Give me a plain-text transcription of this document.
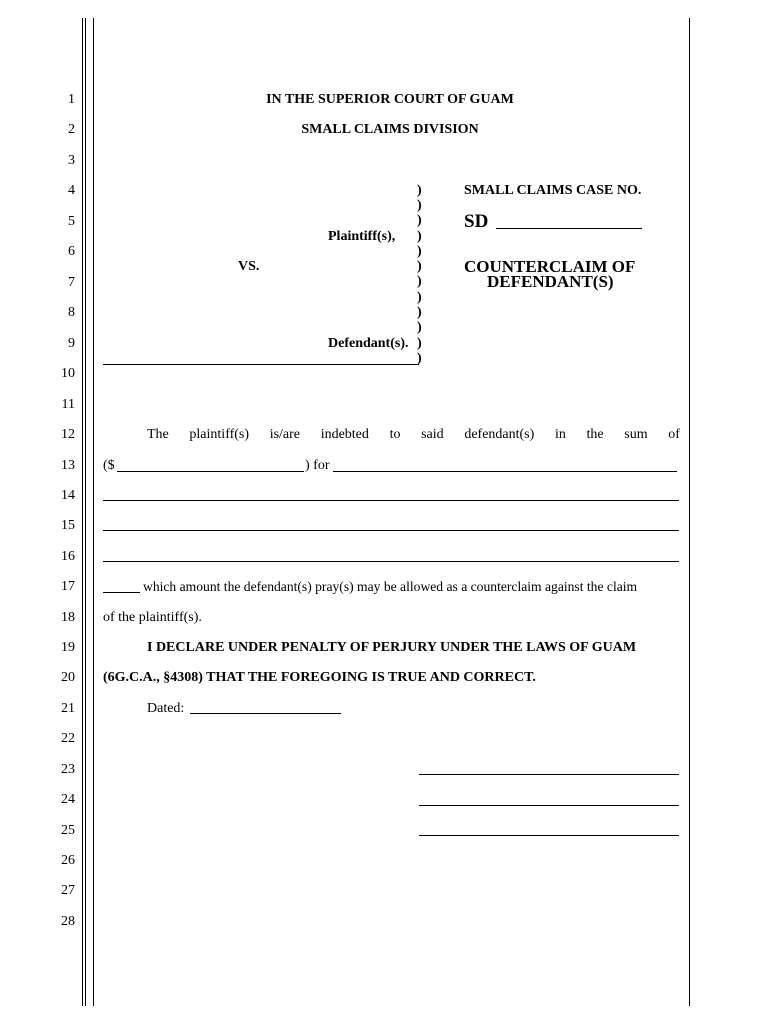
1
2
3
4
5
6
7
8
9
10
11
12
13
14
15
16
17
18
19
20
21
22
23
24
25
26
27
28
IN THE SUPERIOR COURT OF GUAM
SMALL CLAIMS DIVISION
Plaintiff(s),
VS.
Defendant(s).
)
)
)
)
)
)
)
)
)
)
)
)
SMALL CLAIMS CASE NO.
SD
COUNTERCLAIM OF
DEFENDANT(S)
The plaintiff(s) is/are indebted to said defendant(s) in the sum of
($	) for
which amount the defendant(s) pray(s) may be allowed as a counterclaim against the claim
of the plaintiff(s).
I DECLARE UNDER PENALTY OF PERJURY UNDER THE LAWS OF GUAM
(6G.C.A., §4308) THAT THE FOREGOING IS TRUE AND CORRECT.
Dated:
